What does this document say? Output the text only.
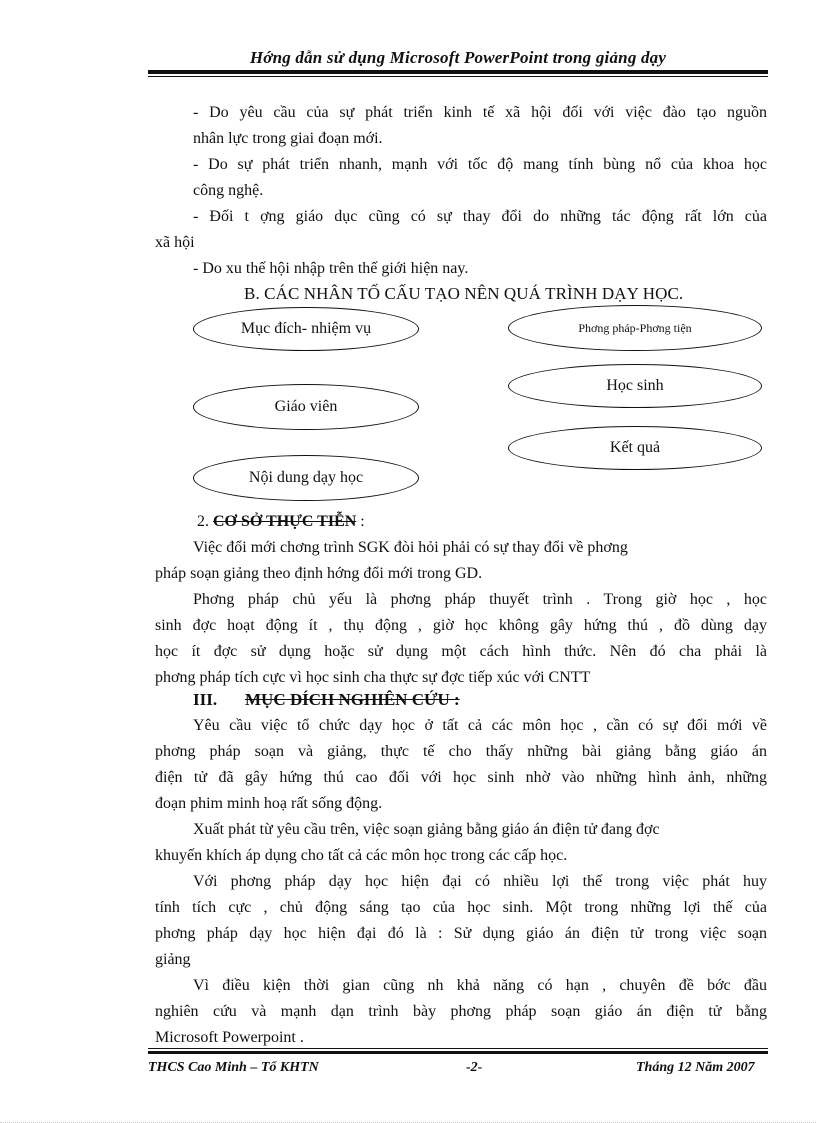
Hớng dẫn sử dụng Microsoft PowerPoint trong giảng dạy
- Do yêu cầu của sự phát triển kinh tế xã hội đối với việc đào tạo nguồn
nhân lực trong giai đoạn mới.
- Do sự phát triển nhanh, mạnh với tốc độ mang tính bùng nổ của khoa học
công nghệ.
- Đối t ợng giáo dục cũng có sự thay đổi do những tác động rất lớn của
xã hội
- Do xu thế hội nhập trên thế giới hiện nay.
B. CÁC NHÂN TỐ CẤU TẠO NÊN QUÁ TRÌNH DẠY HỌC.
Mục đích- nhiệm vụ	Phơng pháp-Phơng tiện
Học sinh
Giáo viên
Kết quả
Nội dung dạy học
2. CƠ SỞ THỰC TIỄN :
Việc đổi mới chơng trình SGK đòi hỏi phải có sự thay đổi về phơng
pháp soạn giảng theo định hớng đổi mới trong GD.
Phơng pháp chủ yếu là phơng pháp thuyết trình . Trong giờ học , học
sinh đợc hoạt động ít , thụ động , giờ học không gây hứng thú , đồ dùng dạy
học ít đợc sử dụng hoặc sử dụng một cách hình thức. Nên đó cha phải là
phơng pháp tích cực vì học sinh cha thực sự đợc tiếp xúc với CNTT
III. MỤC ĐÍCH NGHIÊN CỨU :
Yêu cầu việc tổ chức dạy học ở tất cả các môn học , cần có sự đổi mới về
phơng pháp soạn và giảng, thực tế cho thấy những bài giảng bằng giáo án
điện tử đã gây hứng thú cao đối với học sinh nhờ vào những hình ảnh, những
đoạn phim minh hoạ rất sống động.
Xuất phát từ yêu cầu trên, việc soạn giảng bằng giáo án điện tử đang đợc
khuyến khích áp dụng cho tất cả các môn học trong các cấp học.
Với phơng pháp dạy học hiện đại có nhiều lợi thế trong việc phát huy
tính tích cực , chủ động sáng tạo của học sinh. Một trong những lợi thế của
phơng pháp dạy học hiện đại đó là : Sử dụng giáo án điện tử trong việc soạn
giảng
Vì điều kiện thời gian cũng nh khả năng có hạn , chuyên đề bớc đầu
nghiên cứu và mạnh dạn trình bày phơng pháp soạn giáo án điện tử bằng
Microsoft Powerpoint .
THCS Cao Minh – Tổ KHTN	-2-	Tháng 12 Năm 2007
